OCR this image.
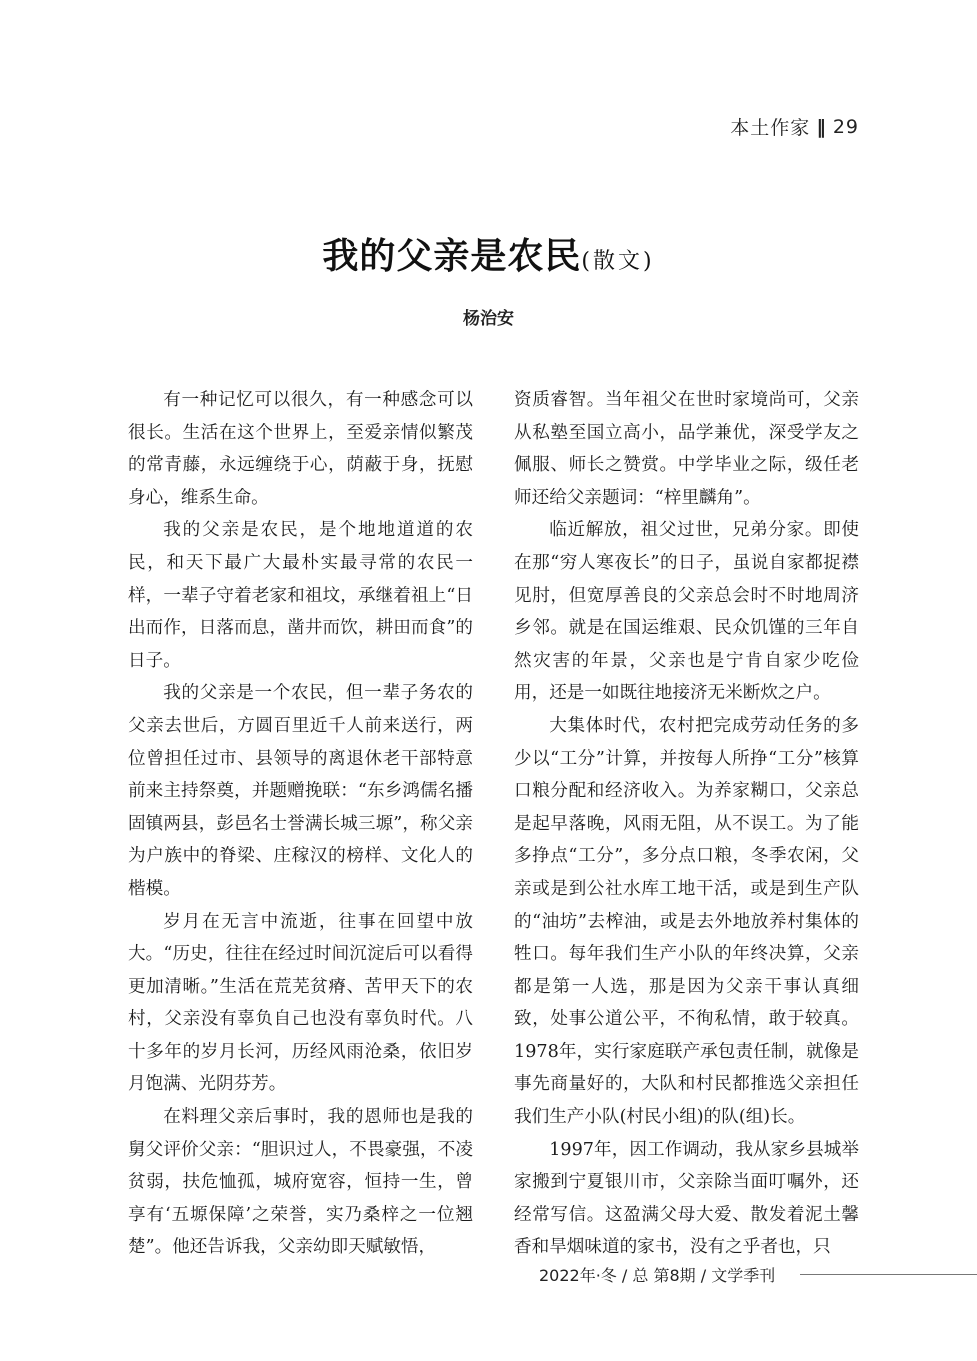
本土作家 ‖ 29
我的父亲是农民(散文)
杨治安

有一种记忆可以很久，有一种感念可以很长。生活在这个世界上，至爱亲情似繁茂的常青藤，永远缠绕于心，荫蔽于身，抚慰身心，维系生命。

我的父亲是农民，是个地地道道的农民，和天下最广大最朴实最寻常的农民一样，一辈子守着老家和祖坟，承继着祖上“日出而作，日落而息，凿井而饮，耕田而食”的日子。

我的父亲是一个农民，但一辈子务农的父亲去世后，方圆百里近千人前来送行，两位曾担任过市、县领导的离退休老干部特意前来主持祭奠，并题赠挽联：“东乡鸿儒名播固镇两县，彭邑名士誉满长城三塬”，称父亲为户族中的脊梁、庄稼汉的榜样、文化人的楷模。

岁月在无言中流逝，往事在回望中放大。“历史，往往在经过时间沉淀后可以看得更加清晰。”生活在荒芜贫瘠、苦甲天下的农村，父亲没有辜负自己也没有辜负时代。八十多年的岁月长河，历经风雨沧桑，依旧岁月饱满、光阴芬芳。

在料理父亲后事时，我的恩师也是我的舅父评价父亲：“胆识过人，不畏豪强，不凌贫弱，扶危恤孤，城府宽容，恒持一生，曾享有‘五塬保障’之荣誉，实乃桑梓之一位翘楚”。他还告诉我，父亲幼即天赋敏悟，

资质睿智。当年祖父在世时家境尚可，父亲从私塾至国立高小，品学兼优，深受学友之佩服、师长之赞赏。中学毕业之际，级任老师还给父亲题词：“梓里麟角”。

临近解放，祖父过世，兄弟分家。即使在那“穷人寒夜长”的日子，虽说自家都捉襟见肘，但宽厚善良的父亲总会时不时地周济乡邻。就是在国运维艰、民众饥馑的三年自然灾害的年景，父亲也是宁肯自家少吃俭用，还是一如既往地接济无米断炊之户。

大集体时代，农村把完成劳动任务的多少以“工分”计算，并按每人所挣“工分”核算口粮分配和经济收入。为养家糊口，父亲总是起早落晚，风雨无阻，从不误工。为了能多挣点“工分”，多分点口粮，冬季农闲，父亲或是到公社水库工地干活，或是到生产队的“油坊”去榨油，或是去外地放养村集体的牲口。每年我们生产小队的年终决算，父亲都是第一人选，那是因为父亲干事认真细致，处事公道公平，不徇私情，敢于较真。1978年，实行家庭联产承包责任制，就像是事先商量好的，大队和村民都推选父亲担任我们生产小队(村民小组)的队(组)长。

1997年，因工作调动，我从家乡县城举家搬到宁夏银川市，父亲除当面叮嘱外，还经常写信。这盈满父母大爱、散发着泥土馨香和旱烟味道的家书，没有之乎者也，只

2022年·冬 / 总 第8期 / 文学季刊
